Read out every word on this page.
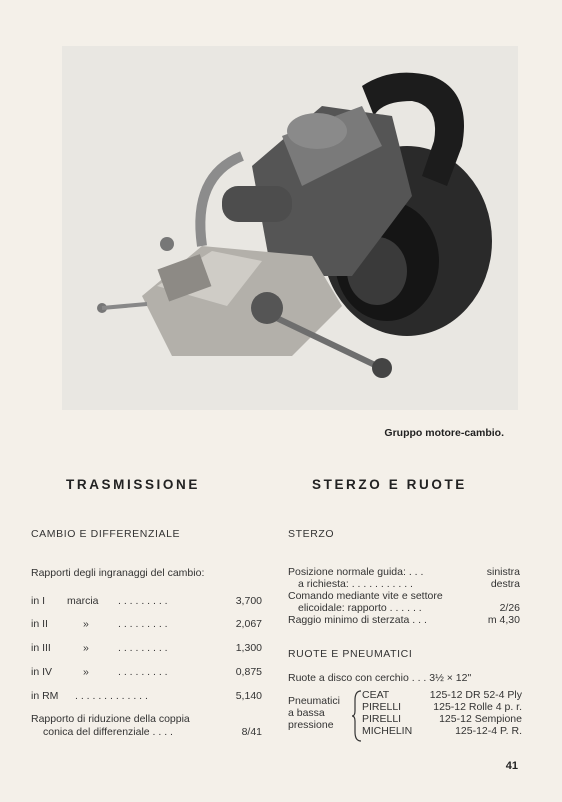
Gruppo motore-cambio.
TRASMISSIONE
CAMBIO E DIFFERENZIALE
Rapporti degli ingranaggi del cambio:
in I marcia . . . . . . . . .	3,700
in II	»	. . . . . . . . .	2,067
in III	»	. . . . . . . . .	1,300
in IV	»	. . . . . . . . .	0,875
in RM . . . . . . . . . . . . .	5,140
Rapporto di riduzione della coppia
conica del differenziale . . . .	8/41
STERZO E RUOTE
STERZO
Posizione normale guida: . . .	sinistra
a richiesta: . . . . . . . . . . .	destra
Comando mediante vite e settore
elicoidale: rapporto . . . . . .	2/26
Raggio minimo di sterzata . . .	m 4,30
RUOTE E PNEUMATICI
Ruote a disco con cerchio . . . 3½ × 12"
Pneumatici
a bassa
pressione
CEAT	125-12 DR 52-4 Ply
PIRELLI	125-12 Rolle 4 p. r.
PIRELLI	125-12 Sempione
MICHELIN	125-12-4 P. R.
41
